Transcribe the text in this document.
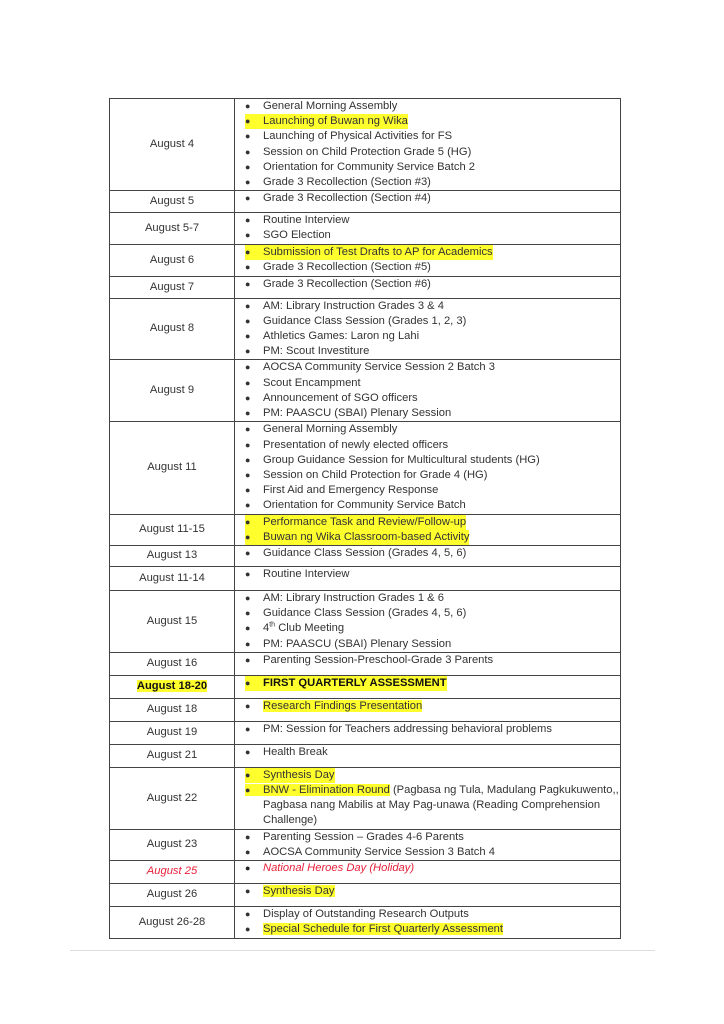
August 4	
●	General Morning Assembly
●	Launching of Buwan ng Wika
●	Launching of Physical Activities for FS
●	Session on Child Protection Grade 5 (HG)
●	Orientation for Community Service Batch 2
●	Grade 3 Recollection (Section #3)

August 5	●	Grade 3 Recollection (Section #4)

August 5-7	
●	Routine Interview
●	SGO Election

August 6	
●	Submission of Test Drafts to AP for Academics
●	Grade 3 Recollection (Section #5)

August 7	●	Grade 3 Recollection (Section #6)

August 8	
●	AM: Library Instruction Grades 3 & 4
●	Guidance Class Session (Grades 1, 2, 3)
●	Athletics Games: Laron ng Lahi
●	PM: Scout Investiture

August 9	
●	AOCSA Community Service Session 2 Batch 3
●	Scout Encampment
●	Announcement of SGO officers
●	PM: PAASCU (SBAI) Plenary Session

August 11	
●	General Morning Assembly
●	Presentation of newly elected officers
●	Group Guidance Session for Multicultural students (HG)
●	Session on Child Protection for Grade 4 (HG)
●	First Aid and Emergency Response
●	Orientation for Community Service Batch

August 11-15	
●	Performance Task and Review/Follow-up
●	Buwan ng Wika Classroom-based Activity

August 13	●	Guidance Class Session (Grades 4, 5, 6)

August 11-14	●	Routine Interview

August 15	
●	AM: Library Instruction Grades 1 & 6
●	Guidance Class Session (Grades 4, 5, 6)
●	4th Club Meeting
●	PM: PAASCU (SBAI) Plenary Session

August 16	●	Parenting Session-Preschool-Grade 3 Parents

August 18-20	●	FIRST QUARTERLY ASSESSMENT

August 18	●	Research Findings Presentation

August 19	●	PM: Session for Teachers addressing behavioral problems

August 21	●	Health Break

August 22	
●	Synthesis Day
● BNW - Elimination Round (Pagbasa ng Tula, Madulang Pagkukuwento,, Pagbasa nang Mabilis at May Pag-unawa (Reading Comprehension Challenge)

August 23	
●	Parenting Session – Grades 4-6 Parents
●	AOCSA Community Service Session 3 Batch 4

August 25	●	National Heroes Day (Holiday)

August 26	●	Synthesis Day

August 26-28	
●	Display of Outstanding Research Outputs
●	Special Schedule for First Quarterly Assessment
